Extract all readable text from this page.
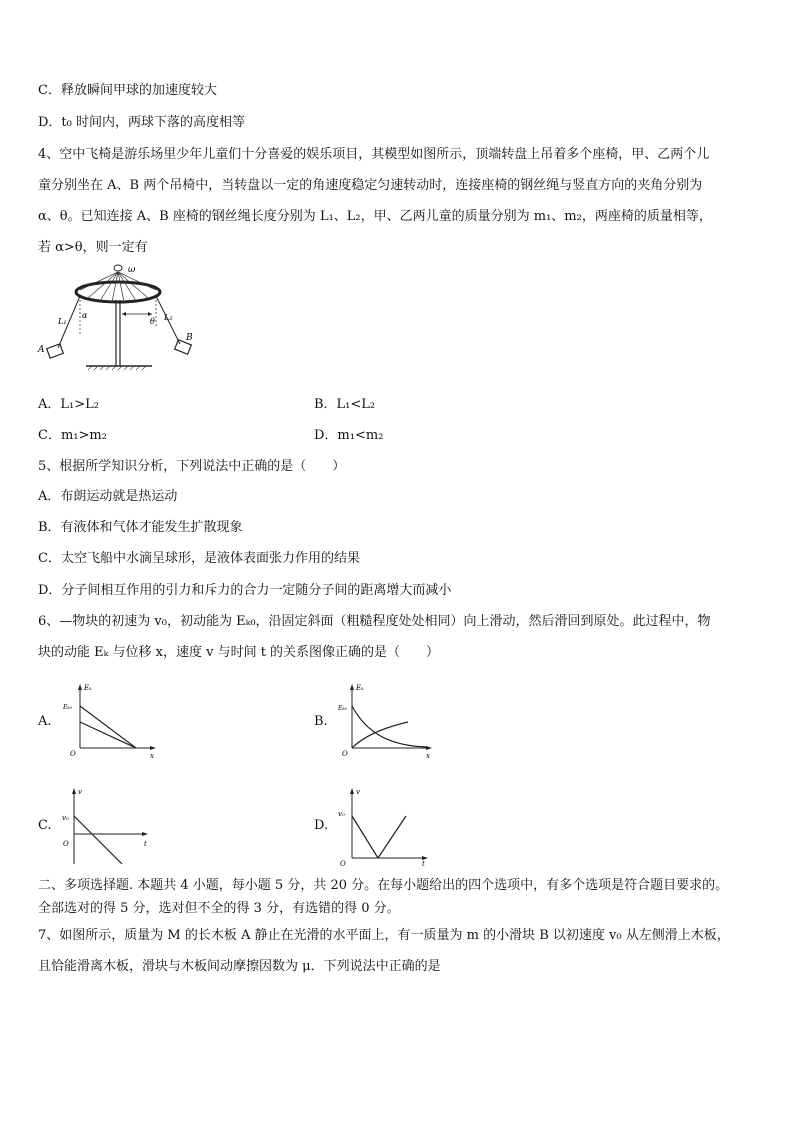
C．释放瞬间甲球的加速度较大
D．t₀ 时间内，两球下落的高度相等
4、空中飞椅是游乐场里少年儿童们十分喜爱的娱乐项目，其模型如图所示，顶端转盘上吊着多个座椅，甲、乙两个儿
童分别坐在 A、B 两个吊椅中，当转盘以一定的角速度稳定匀速转动时，连接座椅的钢丝绳与竖直方向的夹角分别为
α、θ。已知连接 A、B 座椅的钢丝绳长度分别为 L₁、L₂，甲、乙两儿童的质量分别为 m₁、m₂，两座椅的质量相等，
若 α>θ，则一定有
ω
L₁
α
θ L₂
A
B
A．L₁>L₂	B．L₁<L₂
C．m₁>m₂	D．m₁<m₂
5、根据所学知识分析，下列说法中正确的是（　　）
A．布朗运动就是热运动
B．有液体和气体才能发生扩散现象
C．太空飞船中水滴呈球形，是液体表面张力作用的结果
D．分子间相互作用的引力和斥力的合力一定随分子间的距离增大而减小
6、—物块的初速为 v₀，初动能为 Eₖ₀，沿固定斜面（粗糙程度处处相同）向上滑动，然后滑回到原处。此过程中，物
块的动能 Eₖ 与位移 x，速度 v 与时间 t 的关系图像正确的是（　　）
A.
Eₖ
Eₖ₀
O	x
B.
Eₖ
Eₖ₀
O	x
C.
v
v₀
O	t
D.
v
v₀
O	t
二、多项选择题. 本题共 4 小题，每小题 5 分，共 20 分。在每小题给出的四个选项中，有多个选项是符合题目要求的。
全部选对的得 5 分，选对但不全的得 3 分，有选错的得 0 分。
7、如图所示，质量为 M 的长木板 A 静止在光滑的水平面上，有一质量为 m 的小滑块 B 以初速度 v₀ 从左侧滑上木板，
且恰能滑离木板，滑块与木板间动摩擦因数为 μ．下列说法中正确的是
